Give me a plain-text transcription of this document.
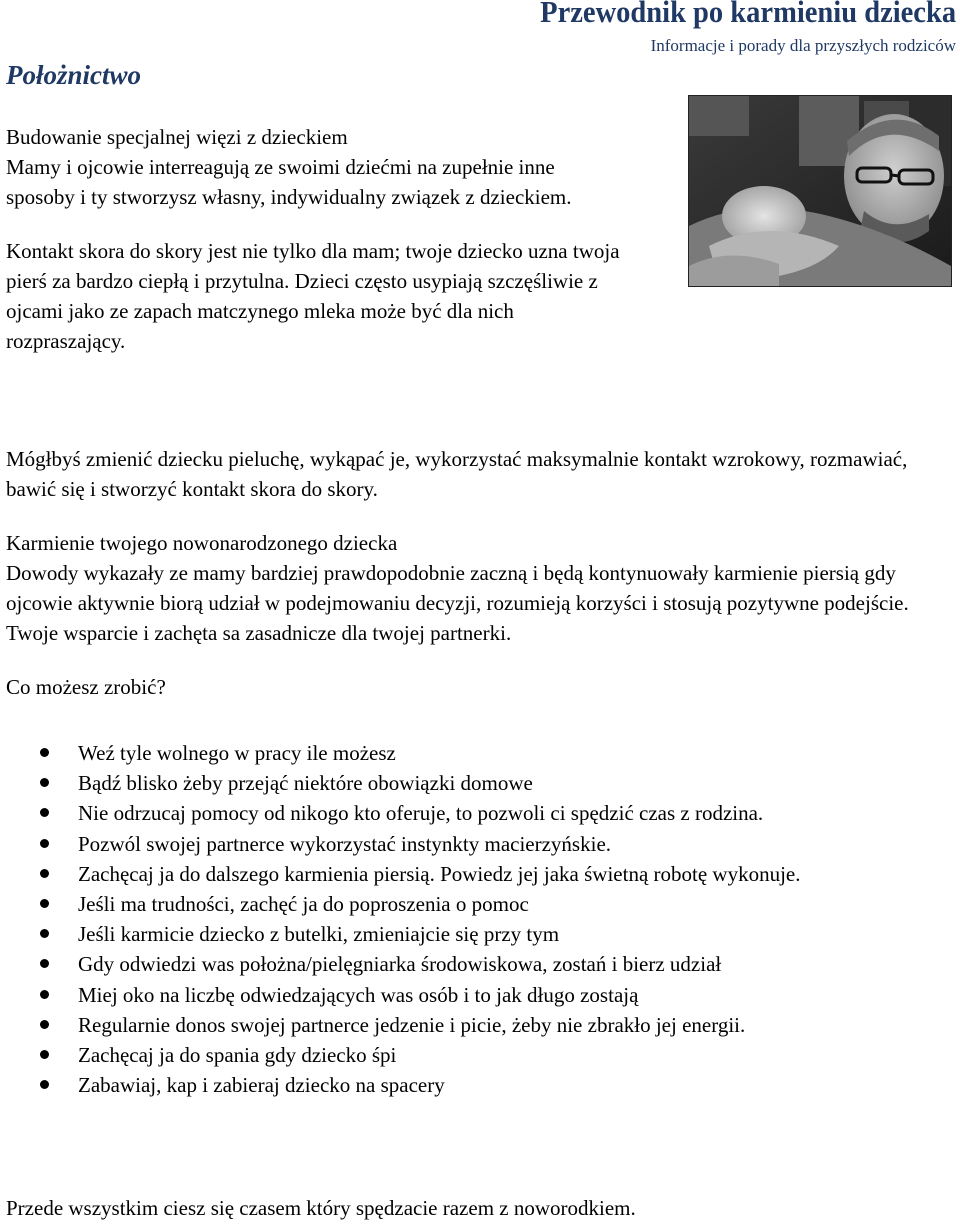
Przewodnik po karmieniu dziecka
Informacje i porady dla przyszłych rodziców
Położnictwo

Budowanie specjalnej więzi z dzieckiem

Mamy i ojcowie interreagują ze swoimi dziećmi na zupełnie inne sposoby i ty stworzysz własny, indywidualny związek z dzieckiem.

Kontakt skora do skory jest nie tylko dla mam; twoje dziecko uzna twoja pierś za bardzo ciepłą i przytulna. Dzieci często usypiają szczęśliwie z ojcami jako ze zapach matczynego mleka może być dla nich rozpraszający.

Mógłbyś zmienić dziecku pieluchę, wykąpać je, wykorzystać maksymalnie kontakt wzrokowy, rozmawiać, bawić się i stworzyć kontakt skora do skory.

Karmienie twojego nowonarodzonego dziecka

Dowody wykazały ze mamy bardziej prawdopodobnie zaczną i będą kontynuowały karmienie piersią gdy ojcowie aktywnie biorą udział w podejmowaniu decyzji, rozumieją korzyści i stosują pozytywne podejście. Twoje wsparcie i zachęta sa zasadnicze dla twojej partnerki.

Co możesz zrobić?

Weź tyle wolnego w pracy ile możesz
Bądź blisko żeby przejąć niektóre obowiązki domowe
Nie odrzucaj pomocy od nikogo kto oferuje, to pozwoli ci spędzić czas z rodzina.
Pozwól swojej partnerce wykorzystać instynkty macierzyńskie.
Zachęcaj ja do dalszego karmienia piersią. Powiedz jej jaka świetną robotę wykonuje.
Jeśli ma trudności, zachęć ja do poproszenia o pomoc
Jeśli karmicie dziecko z butelki, zmieniajcie się przy tym
Gdy odwiedzi was położna/pielęgniarka środowiskowa, zostań i bierz udział
Miej oko na liczbę odwiedzających was osób i to jak długo zostają
Regularnie donos swojej partnerce jedzenie i picie, żeby nie zbrakło jej energii.
Zachęcaj ja do spania gdy dziecko śpi
Zabawiaj, kap i zabieraj dziecko na spacery
Przede wszystkim ciesz się czasem który spędzacie razem z noworodkiem.
